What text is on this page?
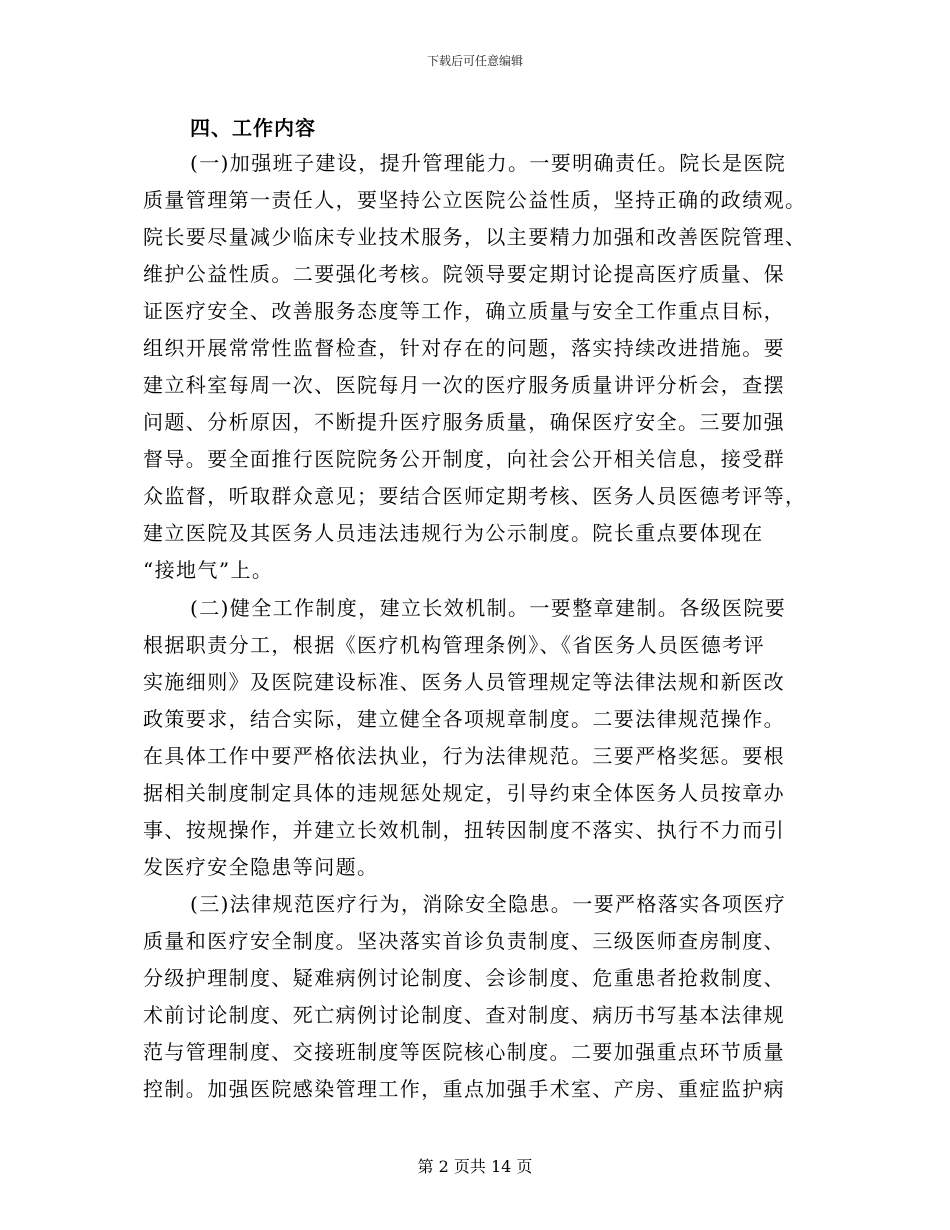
下载后可任意编辑
四、工作内容

(一)加强班子建设，提升管理能力。一要明确责任。院长是医院

质量管理第一责任人，要坚持公立医院公益性质，坚持正确的政绩观。

院长要尽量减少临床专业技术服务，以主要精力加强和改善医院管理、

维护公益性质。二要强化考核。院领导要定期讨论提高医疗质量、保

证医疗安全、改善服务态度等工作，确立质量与安全工作重点目标，

组织开展常常性监督检查，针对存在的问题，落实持续改进措施。要

建立科室每周一次、医院每月一次的医疗服务质量讲评分析会，查摆

问题、分析原因，不断提升医疗服务质量，确保医疗安全。三要加强

督导。要全面推行医院院务公开制度，向社会公开相关信息，接受群

众监督，听取群众意见；要结合医师定期考核、医务人员医德考评等，

建立医院及其医务人员违法违规行为公示制度。院长重点要体现在

“接地气”上。

(二)健全工作制度，建立长效机制。一要整章建制。各级医院要

根据职责分工，根据《医疗机构管理条例》、《省医务人员医德考评

实施细则》及医院建设标准、医务人员管理规定等法律法规和新医改

政策要求，结合实际，建立健全各项规章制度。二要法律规范操作。

在具体工作中要严格依法执业，行为法律规范。三要严格奖惩。要根

据相关制度制定具体的违规惩处规定，引导约束全体医务人员按章办

事、按规操作，并建立长效机制，扭转因制度不落实、执行不力而引

发医疗安全隐患等问题。

(三)法律规范医疗行为，消除安全隐患。一要严格落实各项医疗

质量和医疗安全制度。坚决落实首诊负责制度、三级医师查房制度、

分级护理制度、疑难病例讨论制度、会诊制度、危重患者抢救制度、

术前讨论制度、死亡病例讨论制度、查对制度、病历书写基本法律规

范与管理制度、交接班制度等医院核心制度。二要加强重点环节质量

控制。加强医院感染管理工作，重点加强手术室、产房、重症监护病

第 2 页共 14 页
